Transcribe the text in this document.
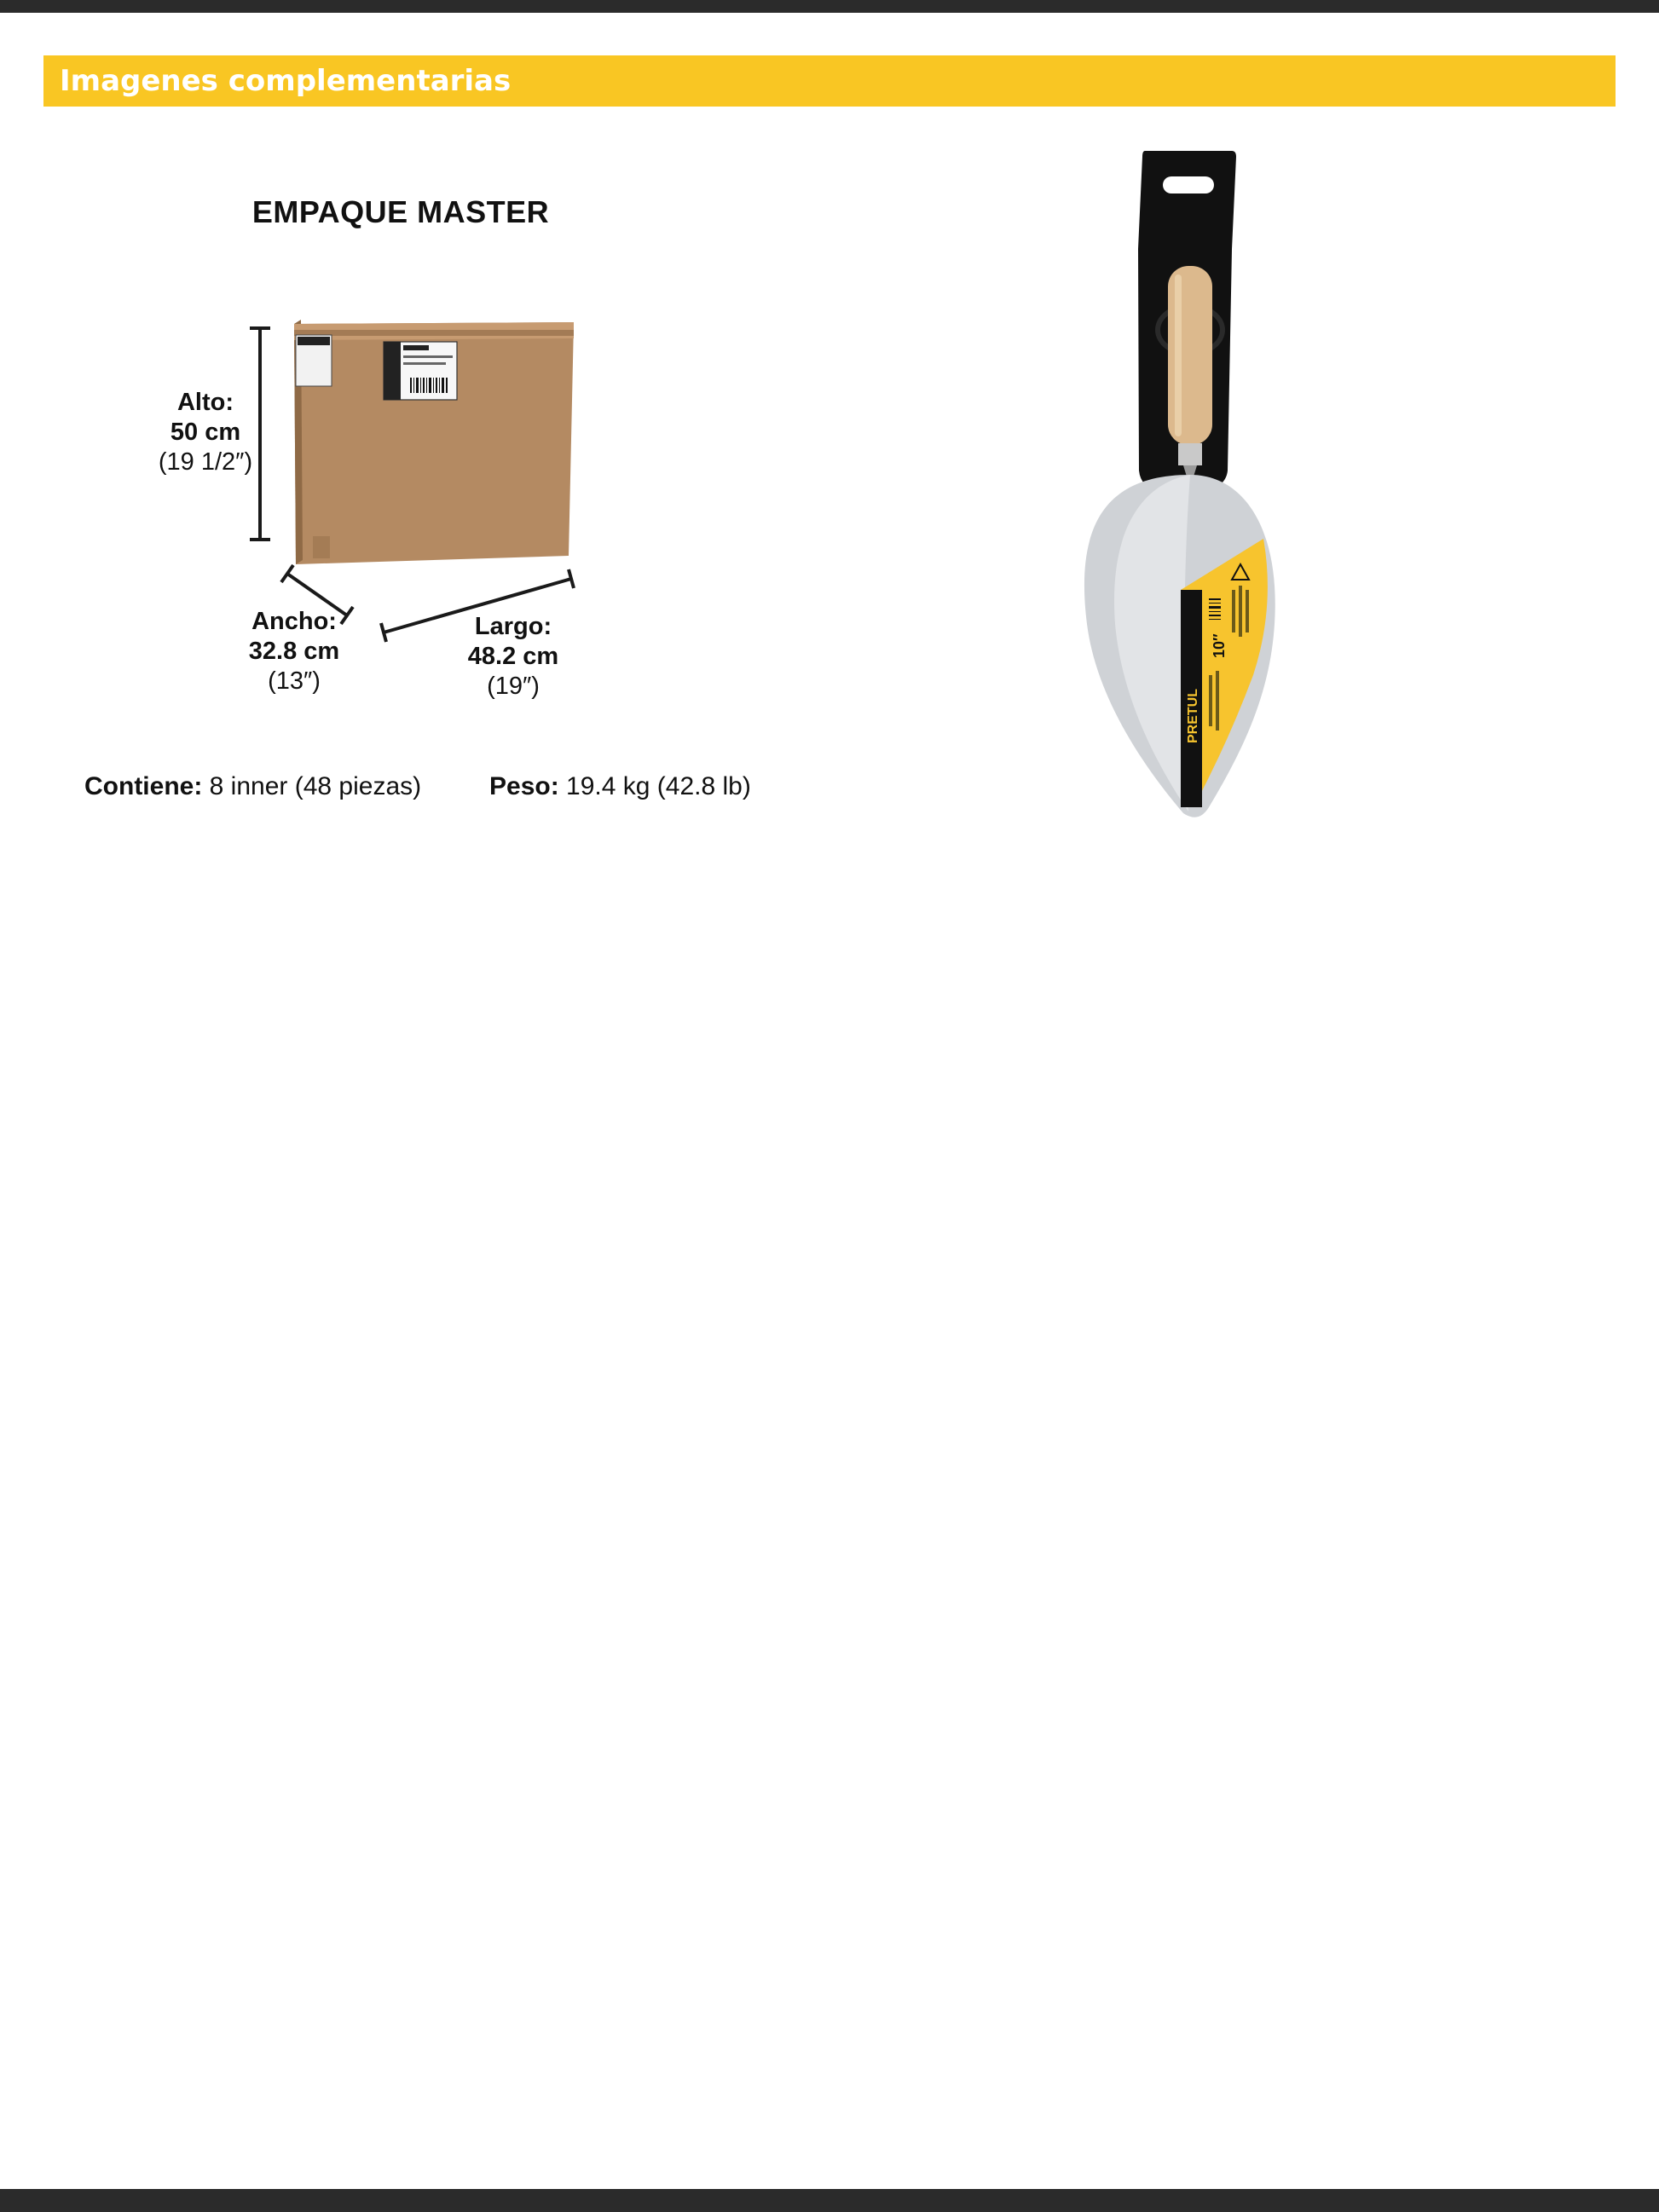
Imagenes complementarias
EMPAQUE MASTER
Alto:
50 cm
(19 1/2″)
Ancho:
32.8 cm
(13″)
Largo:
48.2 cm
(19″)
Contiene: 8 inner (48 piezas)	Peso: 19.4 kg (42.8 lb)
PRETUL
10″
